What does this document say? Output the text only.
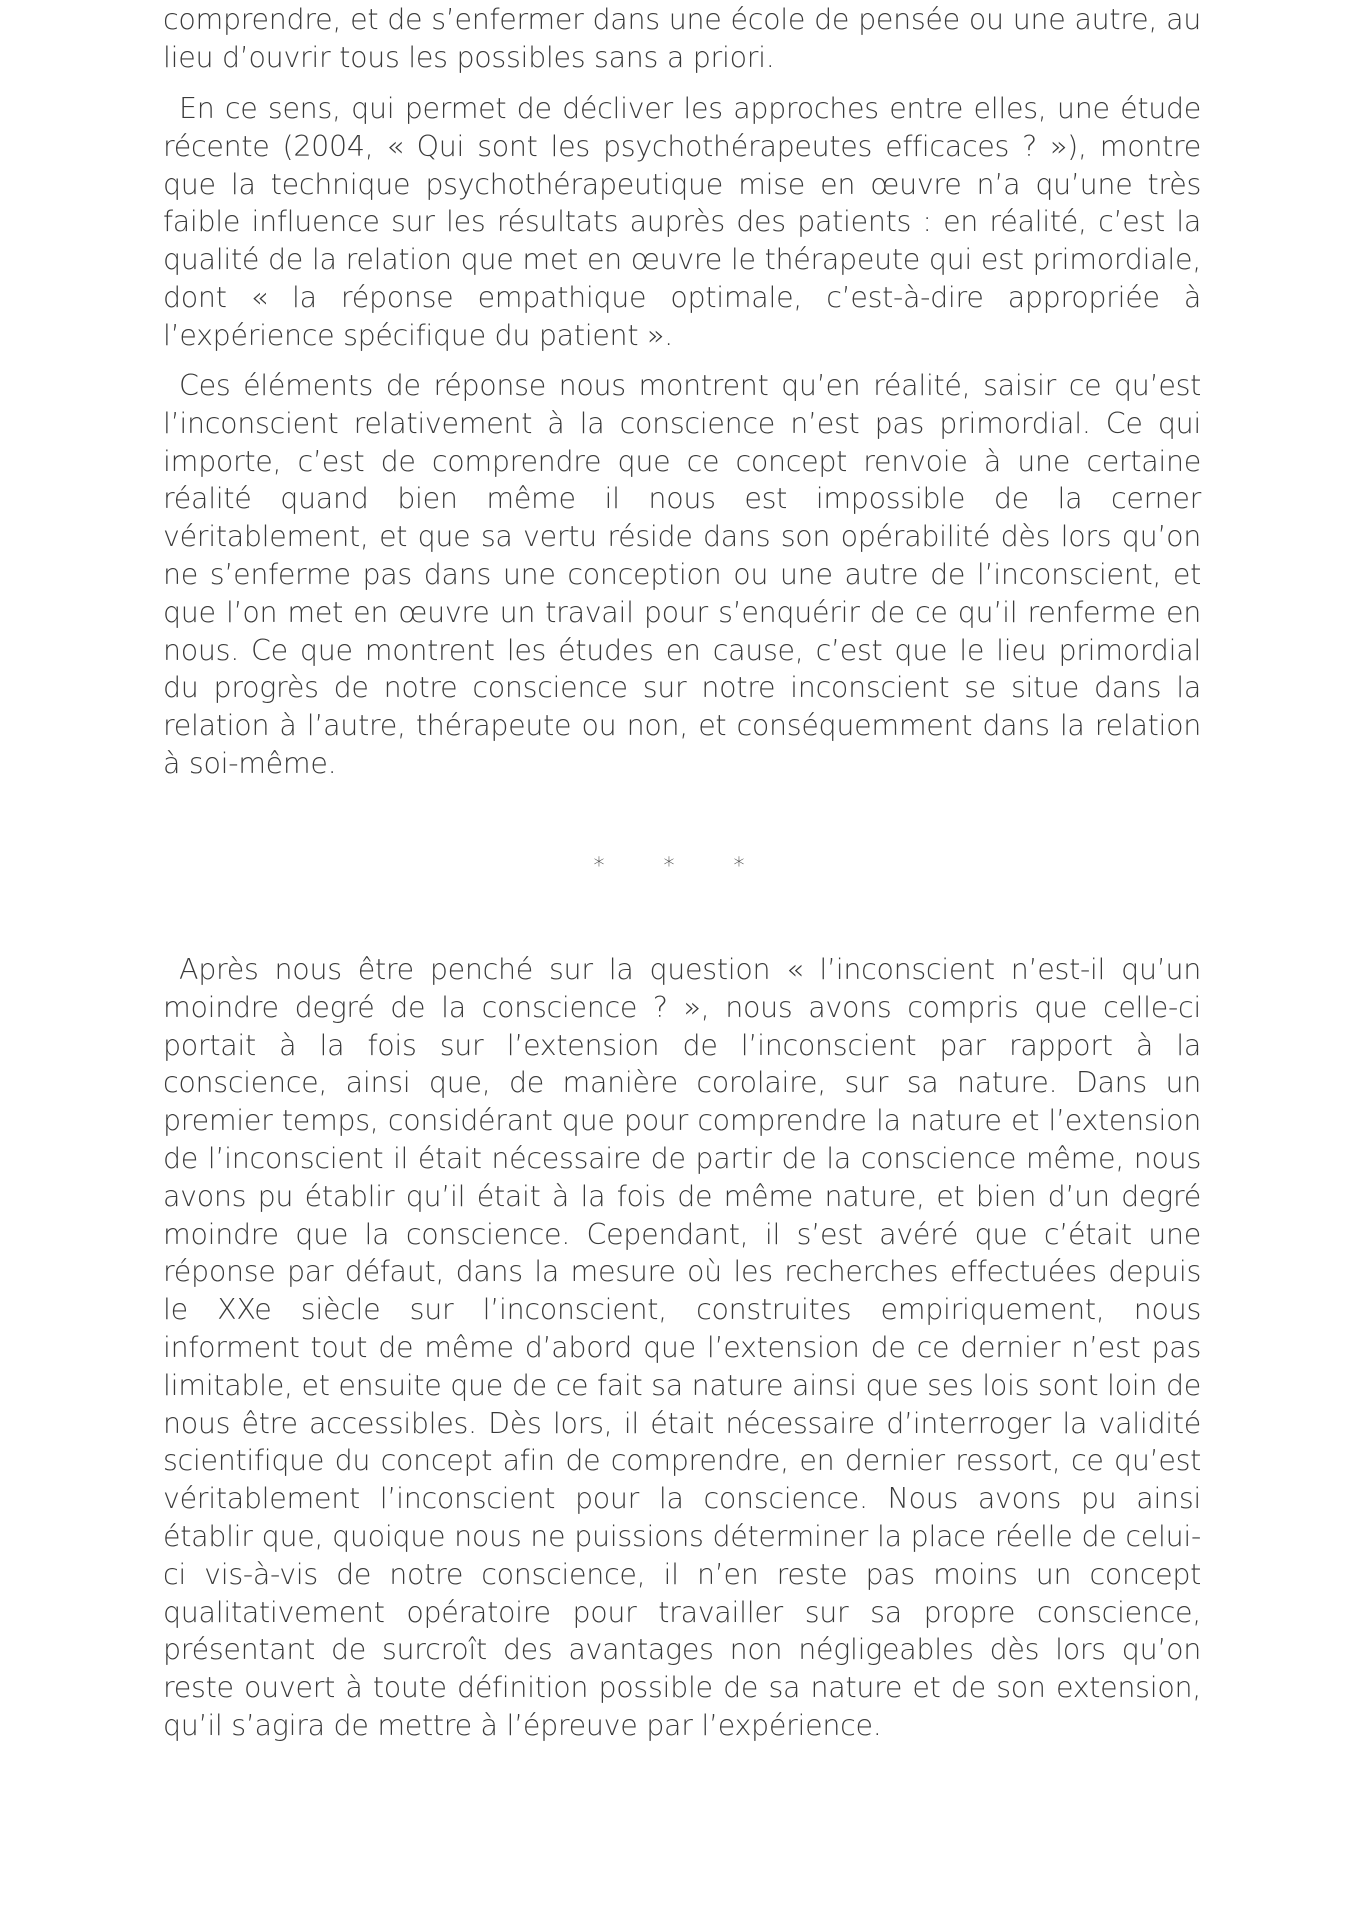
comprendre, et de s’enfermer dans une école de pensée ou une autre, au lieu d’ouvrir tous les possibles sans a priori.

En ce sens, qui permet de décliver les approches entre elles, une étude récente (2004, « Qui sont les psychothérapeutes efficaces ? »), montre que la technique psychothérapeutique mise en œuvre n’a qu’une très faible influence sur les résultats auprès des patients : en réalité, c’est la qualité de la relation que met en œuvre le thérapeute qui est primordiale, dont « la réponse empathique optimale, c’est-à-dire appropriée à l’expérience spécifique du patient ».

Ces éléments de réponse nous montrent qu’en réalité, saisir ce qu’est l’inconscient relativement à la conscience n’est pas primordial. Ce qui importe, c’est de comprendre que ce concept renvoie à une certaine réalité quand bien même il nous est impossible de la cerner véritablement, et que sa vertu réside dans son opérabilité dès lors qu’on ne s’enferme pas dans une conception ou une autre de l’inconscient, et que l’on met en œuvre un travail pour s’enquérir de ce qu’il renferme en nous. Ce que montrent les études en cause, c’est que le lieu primordial du progrès de notre conscience sur notre inconscient se situe dans la relation à l’autre, thérapeute ou non, et conséquemment dans la relation à soi-même.

* * *

Après nous être penché sur la question « l’inconscient n’est-il qu’un moindre degré de la conscience ? », nous avons compris que celle-ci portait à la fois sur l’extension de l’inconscient par rapport à la conscience, ainsi que, de manière corolaire, sur sa nature. Dans un premier temps, considérant que pour comprendre la nature et l’extension de l’inconscient il était nécessaire de partir de la conscience même, nous avons pu établir qu’il était à la fois de même nature, et bien d’un degré moindre que la conscience. Cependant, il s’est avéré que c’était une réponse par défaut, dans la mesure où les recherches effectuées depuis le XXe siècle sur l’inconscient, construites empiriquement, nous informent tout de même d’abord que l’extension de ce dernier n’est pas limitable, et ensuite que de ce fait sa nature ainsi que ses lois sont loin de nous être accessibles. Dès lors, il était nécessaire d’interroger la validité scientifique du concept afin de comprendre, en dernier ressort, ce qu’est véritablement l’inconscient pour la conscience. Nous avons pu ainsi établir que, quoique nous ne puissions déterminer la place réelle de celui-ci vis-à-vis de notre conscience, il n’en reste pas moins un concept qualitativement opératoire pour travailler sur sa propre conscience, présentant de surcroît des avantages non négligeables dès lors qu’on reste ouvert à toute définition possible de sa nature et de son extension, qu’il s’agira de mettre à l’épreuve par l’expérience.
